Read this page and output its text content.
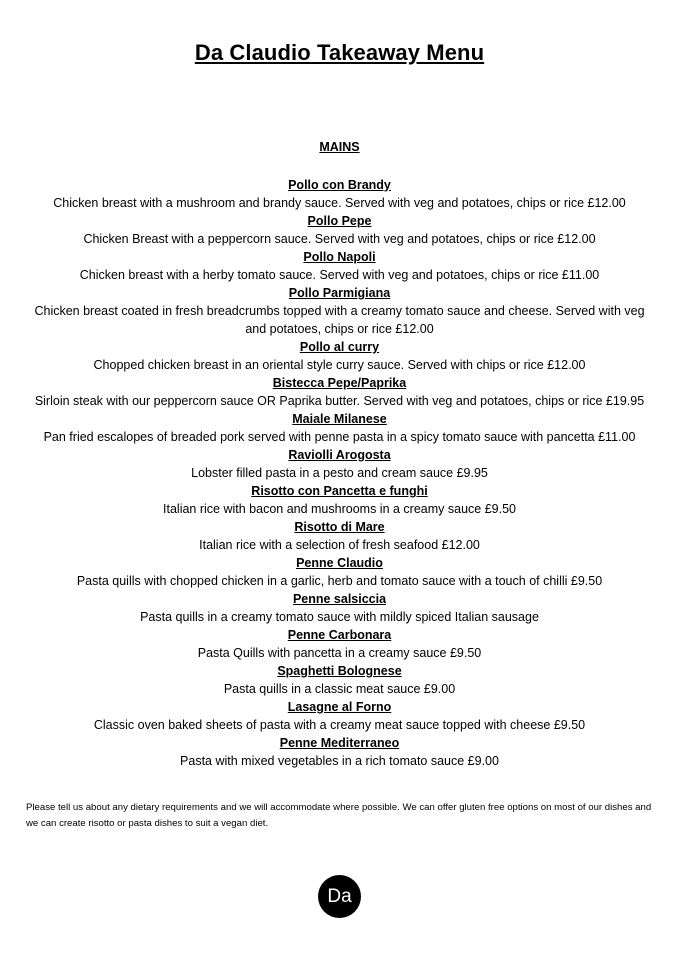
Da Claudio Takeaway Menu
MAINS
Pollo con Brandy
Chicken breast with a mushroom and brandy sauce. Served with veg and potatoes, chips or rice £12.00
Pollo Pepe
Chicken Breast with a peppercorn sauce. Served with veg and potatoes, chips or rice £12.00
Pollo Napoli
Chicken breast with a herby tomato sauce. Served with veg and potatoes, chips or rice £11.00
Pollo Parmigiana
Chicken breast coated in fresh breadcrumbs topped with a creamy tomato sauce and cheese. Served with veg and potatoes, chips or rice £12.00
Pollo al curry
Chopped chicken breast in an oriental style curry sauce. Served with chips or rice £12.00
Bistecca Pepe/Paprika
Sirloin steak with our peppercorn sauce OR Paprika butter. Served with veg and potatoes, chips or rice £19.95
Maiale Milanese
Pan fried escalopes of breaded pork served with penne pasta in a spicy tomato sauce with pancetta £11.00
Raviolli Arogosta
Lobster filled pasta in a pesto and cream sauce £9.95
Risotto con Pancetta e funghi
Italian rice with bacon and mushrooms in a creamy sauce £9.50
Risotto di Mare
Italian rice with a selection of fresh seafood £12.00
Penne Claudio
Pasta quills with chopped chicken in a garlic, herb and tomato sauce with a touch of chilli £9.50
Penne salsiccia
Pasta quills in a creamy tomato sauce with mildly spiced Italian sausage
Penne Carbonara
Pasta Quills with pancetta in a creamy sauce £9.50
Spaghetti Bolognese
Pasta quills in a classic meat sauce £9.00
Lasagne al Forno
Classic oven baked sheets of pasta with a creamy meat sauce topped with cheese £9.50
Penne Mediterraneo
Pasta with mixed vegetables in a rich tomato sauce £9.00
Please tell us about any dietary requirements and we will accommodate where possible. We can offer gluten free options on most of our dishes and we can create risotto or pasta dishes to suit a vegan diet.
Da
